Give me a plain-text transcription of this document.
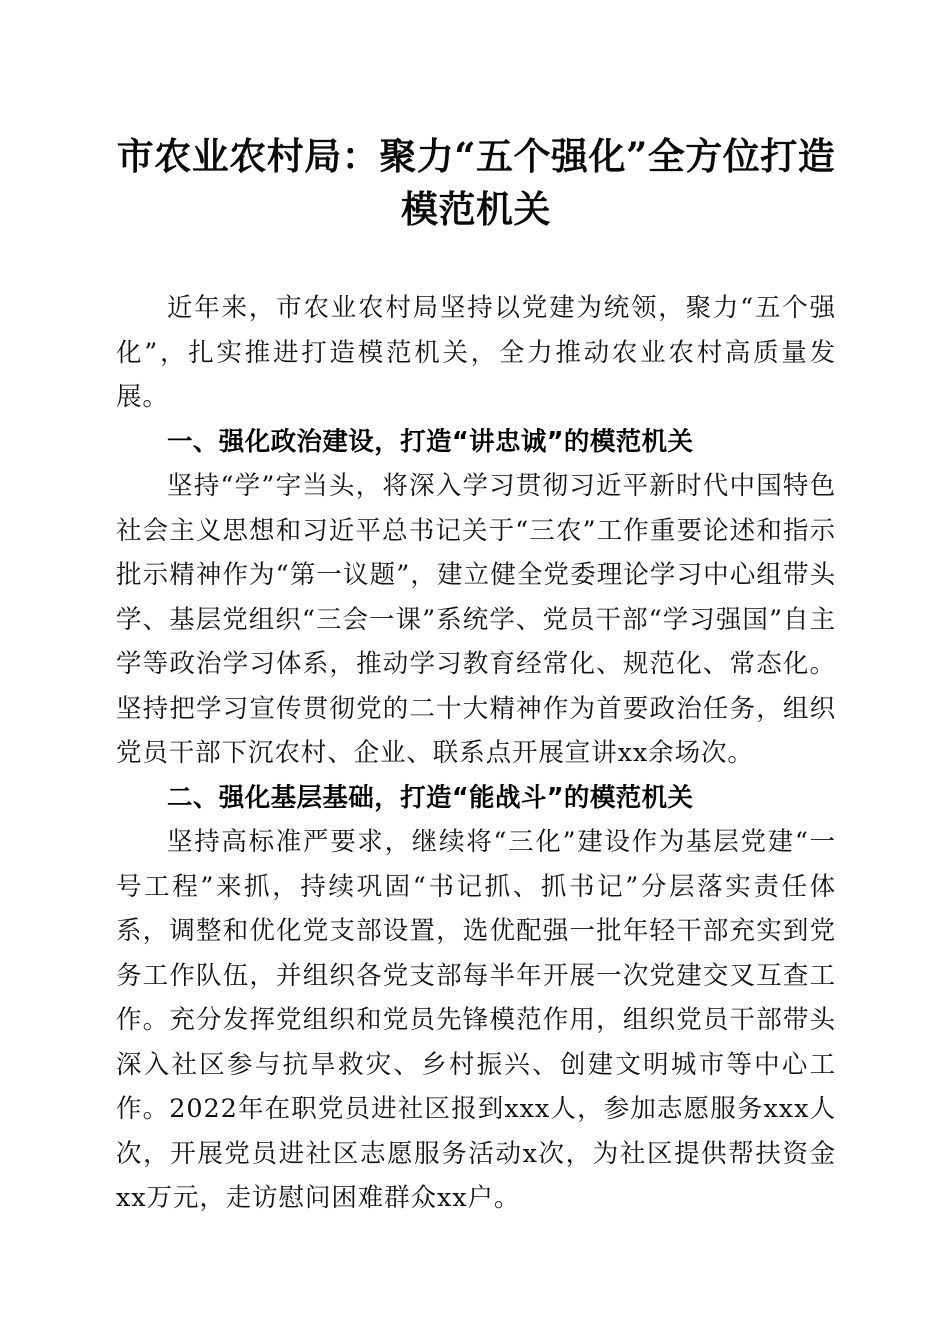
市农业农村局：聚力“五个强化”全方位打造模范机关

近年来，市农业农村局坚持以党建为统领，聚力“五个强化”，扎实推进打造模范机关，全力推动农业农村高质量发展。

一、强化政治建设，打造“讲忠诚”的模范机关

坚持“学”字当头，将深入学习贯彻习近平新时代中国特色社会主义思想和习近平总书记关于“三农”工作重要论述和指示批示精神作为“第一议题”，建立健全党委理论学习中心组带头学、基层党组织“三会一课”系统学、党员干部“学习强国”自主学等政治学习体系，推动学习教育经常化、规范化、常态化。坚持把学习宣传贯彻党的二十大精神作为首要政治任务，组织党员干部下沉农村、企业、联系点开展宣讲xx余场次。

二、强化基层基础，打造“能战斗”的模范机关

坚持高标准严要求，继续将“三化”建设作为基层党建“一号工程”来抓，持续巩固“书记抓、抓书记”分层落实责任体系，调整和优化党支部设置，选优配强一批年轻干部充实到党务工作队伍，并组织各党支部每半年开展一次党建交叉互查工作。充分发挥党组织和党员先锋模范作用，组织党员干部带头深入社区参与抗旱救灾、乡村振兴、创建文明城市等中心工作。2022年在职党员进社区报到xxx人，参加志愿服务xxx人次，开展党员进社区志愿服务活动x次，为社区提供帮扶资金xx万元，走访慰问困难群众xx户。
